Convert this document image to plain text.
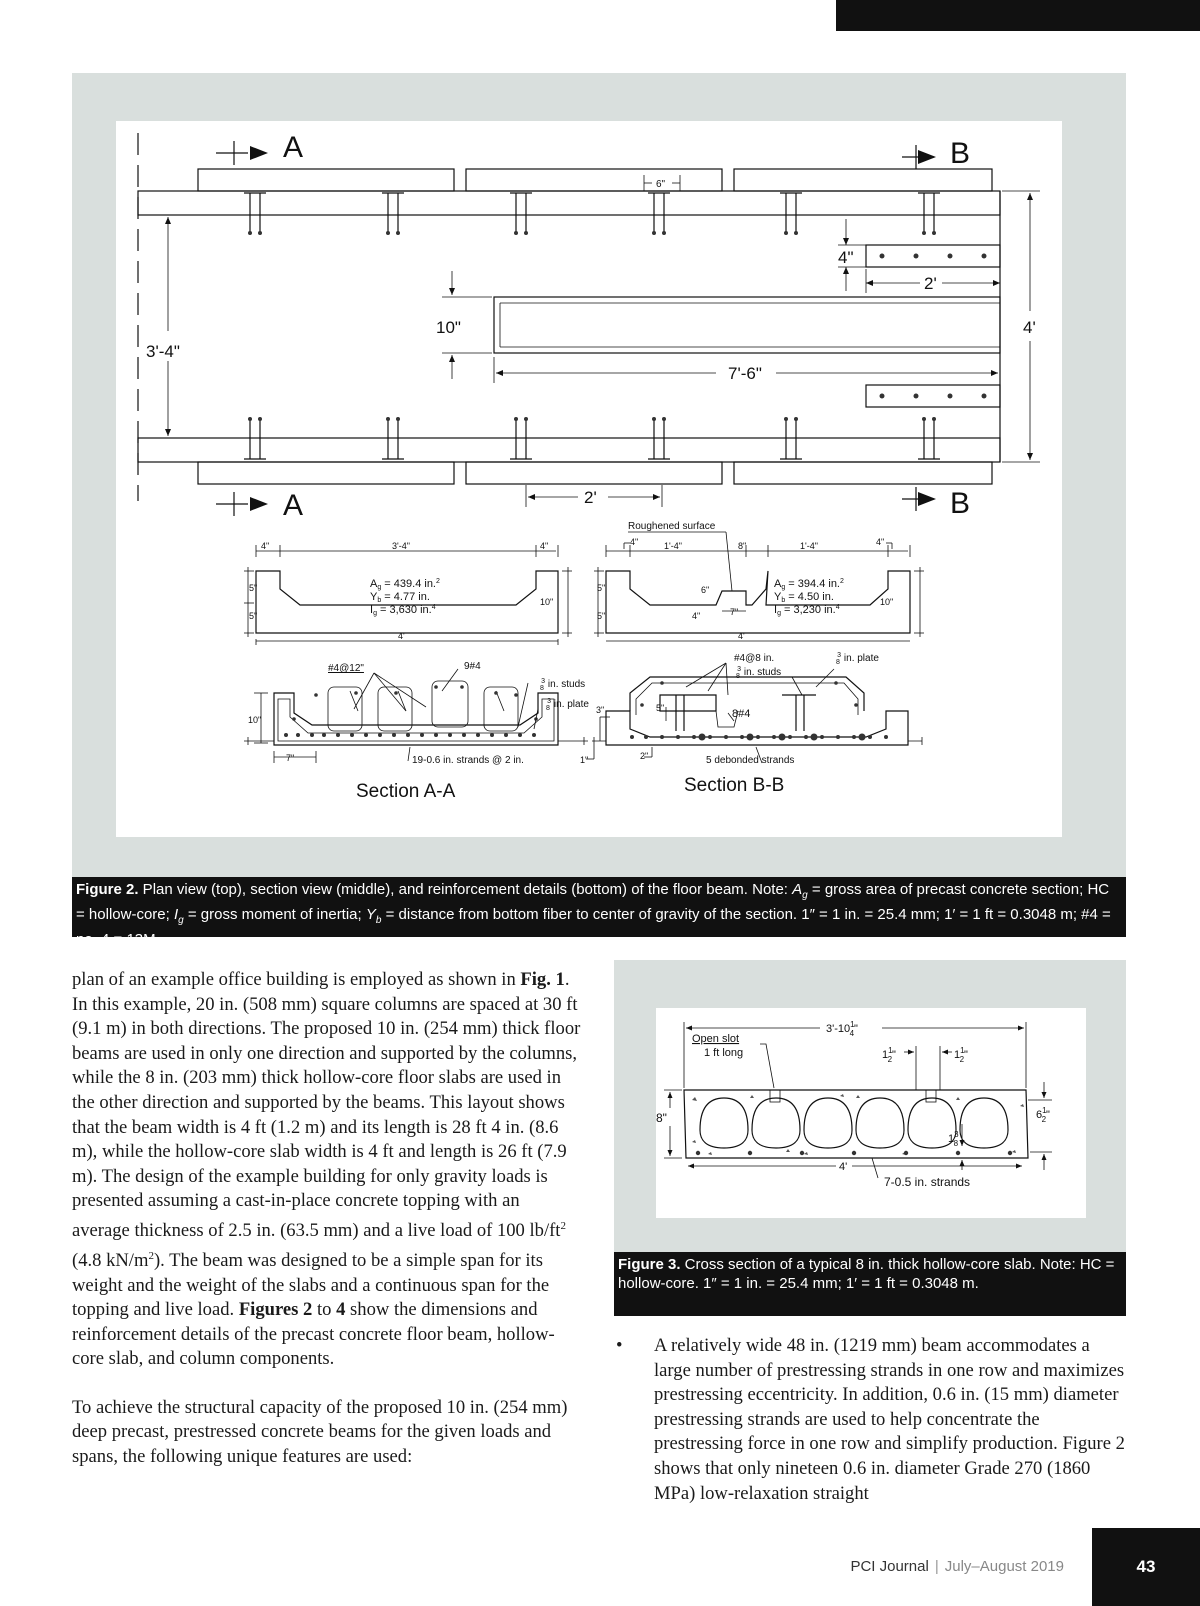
A	B
A	B
6"
4"
2'
10"	4'
3'-4"
7'-6"
2'
4"	3'-4"	4"
5"
5"
10"
4'
Ag = 439.4 in.$^2$
Yb = 4.77 in.
Ig = 3,630 in.$^4$
Roughened surface
4"	1'-4"	8"	1'-4"	4"
5"
5"
6"
4"	7"
10"
4'
Ag = 394.4 in.$^2$
Yb = 4.50 in.
Ig = 3,230 in.$^4$
#4@12"	9#4
$^3$ 8 in. studs
$^3$ 8 in. plate
10"
7"	19-0.6 in. strands @ 2 in.
Section A-A
#4@8 in.
$^3$ 8 in. studs
$^3$ 8 in. plate
3"	5"	8#4
1"	2"	5 debonded strands
Section B-B
Figure 2. Plan view (top), section view (middle), and reinforcement details (bottom) of the floor beam. Note: $A_g$ = gross area of precast concrete section; HC = hollow-core; $I_g$ = gross moment of inertia; $Y_b$ = distance from bottom fiber to center of gravity of the section. 1″ = 1 in. = 25.4 mm; 1′ = 1 ft = 0.3048 m; #4 = no. 4 = 13M.
$3'-10^1$ 4"
Open slot
1 ft long	$1^1$ 2"	$1^1$ 2"
8"	$6^1$ 2"
$1^3$ 8
4'
7-0.5 in. strands
Figure 3. Cross section of a typical 8 in. thick hollow-core slab. Note: HC = hollow-core. 1″ = 1 in. = 25.4 mm; 1′ = 1 ft = 0.3048 m.

plan of an example office building is employed as shown in Fig. 1. In this example, 20 in. (508 mm) square columns are spaced at 30 ft (9.1 m) in both directions. The proposed 10 in. (254 mm) thick floor beams are used in only one direction and supported by the columns, while the 8 in. (203 mm) thick hollow-core floor slabs are used in the other direction and supported by the beams. This layout shows that the beam width is 4 ft (1.2 m) and its length is 28 ft 4 in. (8.6 m), while the hollow-core slab width is 4 ft and length is 26 ft (7.9 m). The design of the example building for only gravity loads is presented assuming a cast-in-place concrete topping with an average thickness of 2.5 in. (63.5 mm) and a live load of 100 $lb/ft^2$ (4.8 $kN/m^2$). The beam was designed to be a simple span for its weight and the weight of the slabs and a continuous span for the topping and live load. Figures 2 to 4 show the dimensions and reinforcement details of the precast concrete floor beam, hollow-core slab, and column components.

To achieve the structural capacity of the proposed 10 in. (254 mm) deep precast, prestressed concrete beams for the given loads and spans, the following unique features are used:

•	A relatively wide 48 in. (1219 mm) beam accommodates a large number of prestressing strands in one row and maximizes prestressing eccentricity. In addition, 0.6 in. (15 mm) diameter prestressing strands are used to help concentrate the prestressing force in one row and simplify production. Figure 2 shows that only nineteen 0.6 in. diameter Grade 270 (1860 MPa) low-relaxation straight
PCI Journal | July–August 2019	43
